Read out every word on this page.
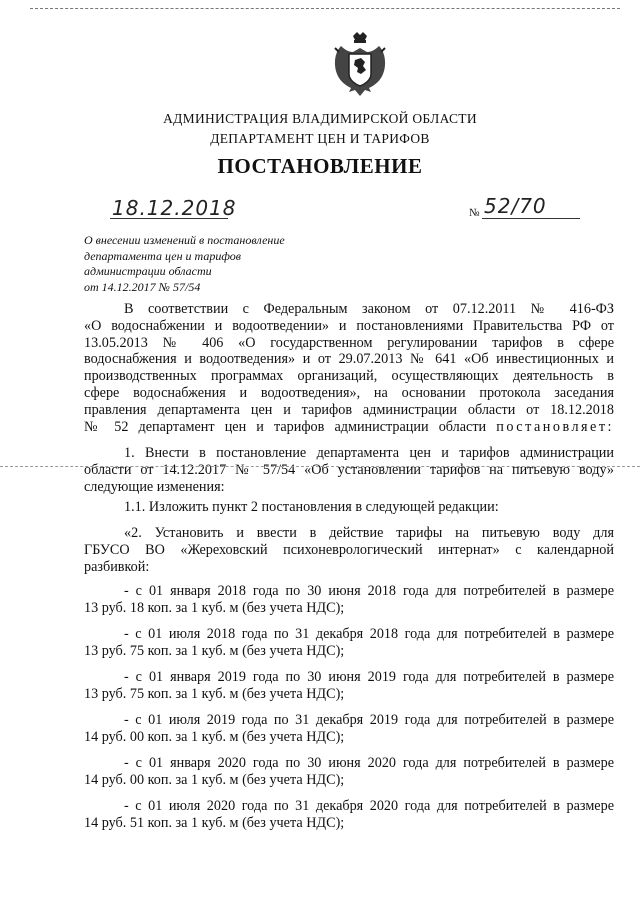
АДМИНИСТРАЦИЯ ВЛАДИМИРСКОЙ ОБЛАСТИ
ДЕПАРТАМЕНТ ЦЕН И ТАРИФОВ
ПОСТАНОВЛЕНИЕ
18.12.2018	№ 52/70
О внесении изменений в постановление
департамента цен и тарифов
администрации области
от 14.12.2017 № 57/54
В соответствии с Федеральным законом от 07.12.2011 № 416-ФЗ
«О водоснабжении и водоотведении» и постановлениями Правительства РФ от
13.05.2013 № 406 «О государственном регулировании тарифов в сфере
водоснабжения и водоотведения» и от 29.07.2013 № 641 «Об инвестиционных и
производственных программах организаций, осуществляющих деятельность в
сфере водоснабжения и водоотведения», на основании протокола заседания
правления департамента цен и тарифов администрации области от 18.12.2018
№ 52 департамент цен и тарифов администрации области постановляет:
1. Внести в постановление департамента цен и тарифов администрации
области от 14.12.2017 № 57/54 «Об установлении тарифов на питьевую воду»
следующие изменения:
1.1. Изложить пункт 2 постановления в следующей редакции:
«2. Установить и ввести в действие тарифы на питьевую воду для
ГБУСО ВО «Жереховский психоневрологический интернат» с календарной
разбивкой:
- с 01 января 2018 года по 30 июня 2018 года для потребителей в размере
13 руб. 18 коп. за 1 куб. м (без учета НДС);
- с 01 июля 2018 года по 31 декабря 2018 года для потребителей в размере
13 руб. 75 коп. за 1 куб. м (без учета НДС);
- с 01 января 2019 года по 30 июня 2019 года для потребителей в размере
13 руб. 75 коп. за 1 куб. м (без учета НДС);
- с 01 июля 2019 года по 31 декабря 2019 года для потребителей в размере
14 руб. 00 коп. за 1 куб. м (без учета НДС);
- с 01 января 2020 года по 30 июня 2020 года для потребителей в размере
14 руб. 00 коп. за 1 куб. м (без учета НДС);
- с 01 июля 2020 года по 31 декабря 2020 года для потребителей в размере
14 руб. 51 коп. за 1 куб. м (без учета НДС);
